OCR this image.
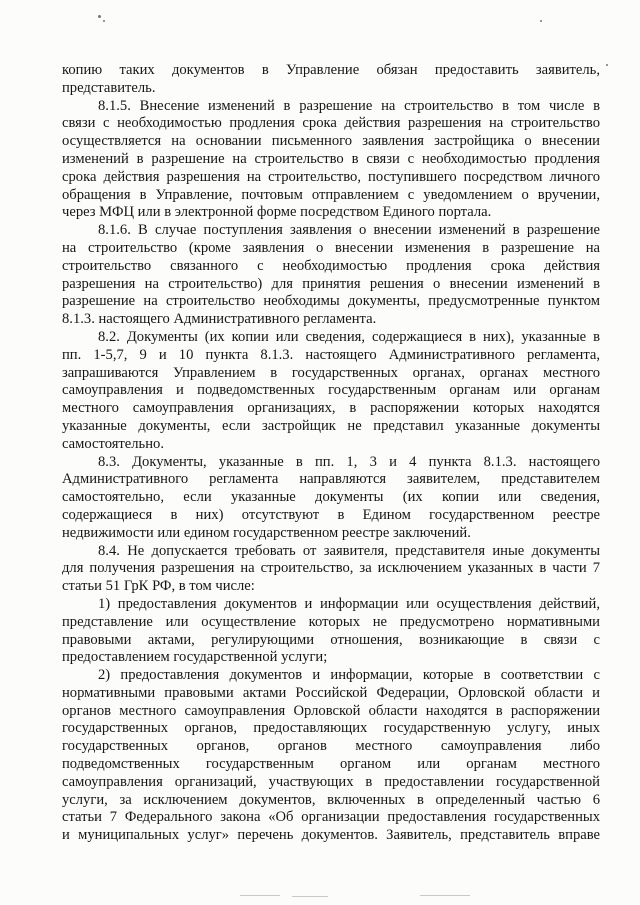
копию таких документов в Управление обязан предоставить заявитель,
представитель.
8.1.5. Внесение изменений в разрешение на строительство в том числе в
связи с необходимостью продления срока действия разрешения на строительство
осуществляется на основании письменного заявления застройщика о внесении
изменений в разрешение на строительство в связи с необходимостью продления
срока действия разрешения на строительство, поступившего посредством личного
обращения в Управление, почтовым отправлением с уведомлением о вручении,
через МФЦ или в электронной форме посредством Единого портала.
8.1.6. В случае поступления заявления о внесении изменений в разрешение
на строительство (кроме заявления о внесении изменения в разрешение на
строительство связанного с необходимостью продления срока действия
разрешения на строительство) для принятия решения о внесении изменений в
разрешение на строительство необходимы документы, предусмотренные пунктом
8.1.3. настоящего Административного регламента.
8.2. Документы (их копии или сведения, содержащиеся в них), указанные в
пп. 1-5,7, 9 и 10 пункта 8.1.3. настоящего Административного регламента,
запрашиваются Управлением в государственных органах, органах местного
самоуправления и подведомственных государственным органам или органам
местного самоуправления организациях, в распоряжении которых находятся
указанные документы, если застройщик не представил указанные документы
самостоятельно.
8.3. Документы, указанные в пп. 1, 3 и 4 пункта 8.1.3. настоящего
Административного регламента направляются заявителем, представителем
самостоятельно, если указанные документы (их копии или сведения,
содержащиеся в них) отсутствуют в Едином государственном реестре
недвижимости или едином государственном реестре заключений.
8.4. Не допускается требовать от заявителя, представителя иные документы
для получения разрешения на строительство, за исключением указанных в части 7
статьи 51 ГрК РФ, в том числе:
1) предоставления документов и информации или осуществления действий,
представление или осуществление которых не предусмотрено нормативными
правовыми актами, регулирующими отношения, возникающие в связи с
предоставлением государственной услуги;
2) предоставления документов и информации, которые в соответствии с
нормативными правовыми актами Российской Федерации, Орловской области и
органов местного самоуправления Орловской области находятся в распоряжении
государственных органов, предоставляющих государственную услугу, иных
государственных органов, органов местного самоуправления либо
подведомственных государственным органом или органам местного
самоуправления организаций, участвующих в предоставлении государственной
услуги, за исключением документов, включенных в определенный частью 6
статьи 7 Федерального закона «Об организации предоставления государственных
и муниципальных услуг» перечень документов. Заявитель, представитель вправе
